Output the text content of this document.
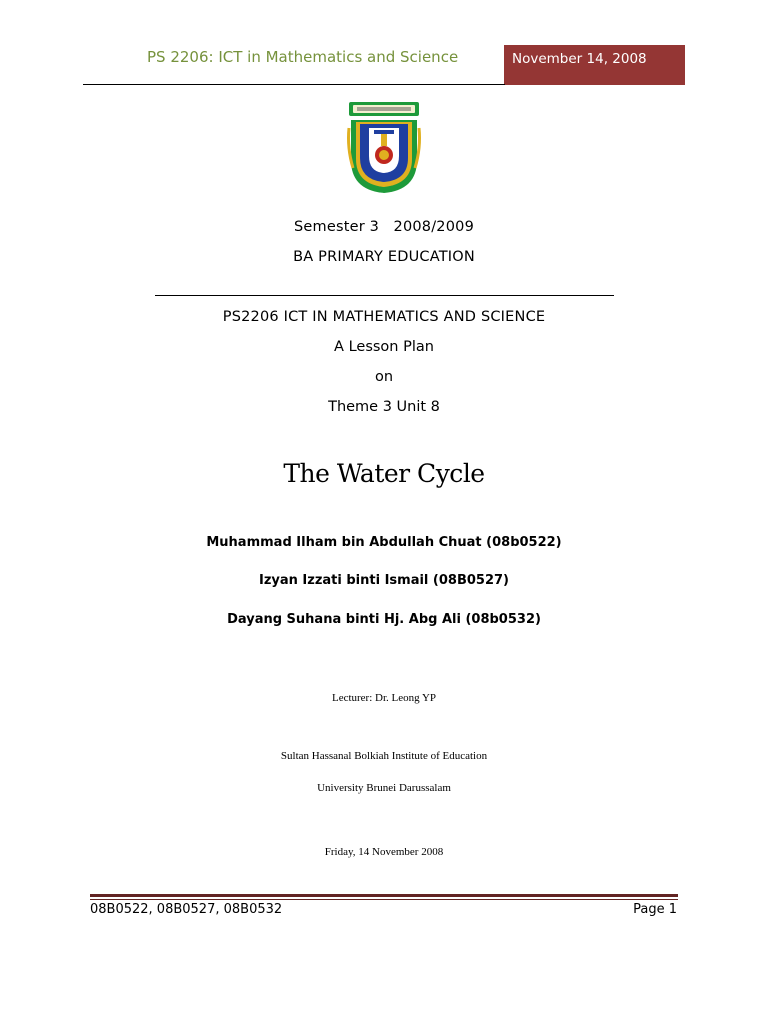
PS 2206: ICT in Mathematics and Science	November 14, 2008
Semester 3   2008/2009
BA PRIMARY EDUCATION
PS2206 ICT IN MATHEMATICS AND SCIENCE
A Lesson Plan
on
Theme 3 Unit 8
The Water Cycle
Muhammad Ilham bin Abdullah Chuat (08b0522)
Izyan Izzati binti Ismail (08B0527)
Dayang Suhana binti Hj. Abg Ali (08b0532)
Lecturer: Dr. Leong YP
Sultan Hassanal Bolkiah Institute of Education
University Brunei Darussalam
Friday, 14 November 2008
08B0522, 08B0527, 08B0532	Page 1
